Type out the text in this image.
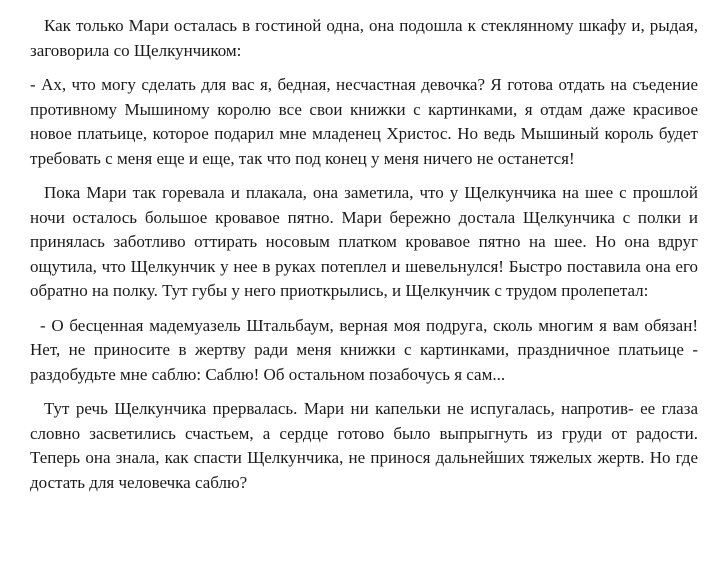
Как только Мари осталась в гостиной одна, она подошла к стеклянному шкафу и, рыдая, заговорила со Щелкунчиком:

- Ах, что могу сделать для вас я, бедная, несчастная девочка? Я готова отдать на съедение противному Мышиному королю все свои книжки с картинками, я отдам даже красивое новое платьице, которое подарил мне младенец Христос. Но ведь Мышиный король будет требовать с меня еще и еще, так что под конец у меня ничего не останется!

Пока Мари так горевала и плакала, она заметила, что у Щелкунчика на шее с прошлой ночи осталось большое кровавое пятно. Мари бережно достала Щелкунчика с полки и принялась заботливо оттирать носовым платком кровавое пятно на шее. Но она вдруг ощутила, что Щелкунчик у нее в руках потеплел и шевельнулся! Быстро поставила она его обратно на полку. Тут губы у него приоткрылись, и Щелкунчик с трудом пролепетал:

- О бесценная мадемуазель Штальбаум, верная моя подруга, сколь многим я вам обязан! Нет, не приносите в жертву ради меня книжки с картинками, праздничное платьице - раздобудьте мне саблю: Саблю! Об остальном позабочусь я сам...

Тут речь Щелкунчика прервалась. Мари ни капельки не испугалась, напротив- ее глаза словно засветились счастьем, а сердце готово было выпрыгнуть из груди от радости. Теперь она знала, как спасти Щелкунчика, не принося дальнейших тяжелых жертв. Но где достать для человечка саблю?
